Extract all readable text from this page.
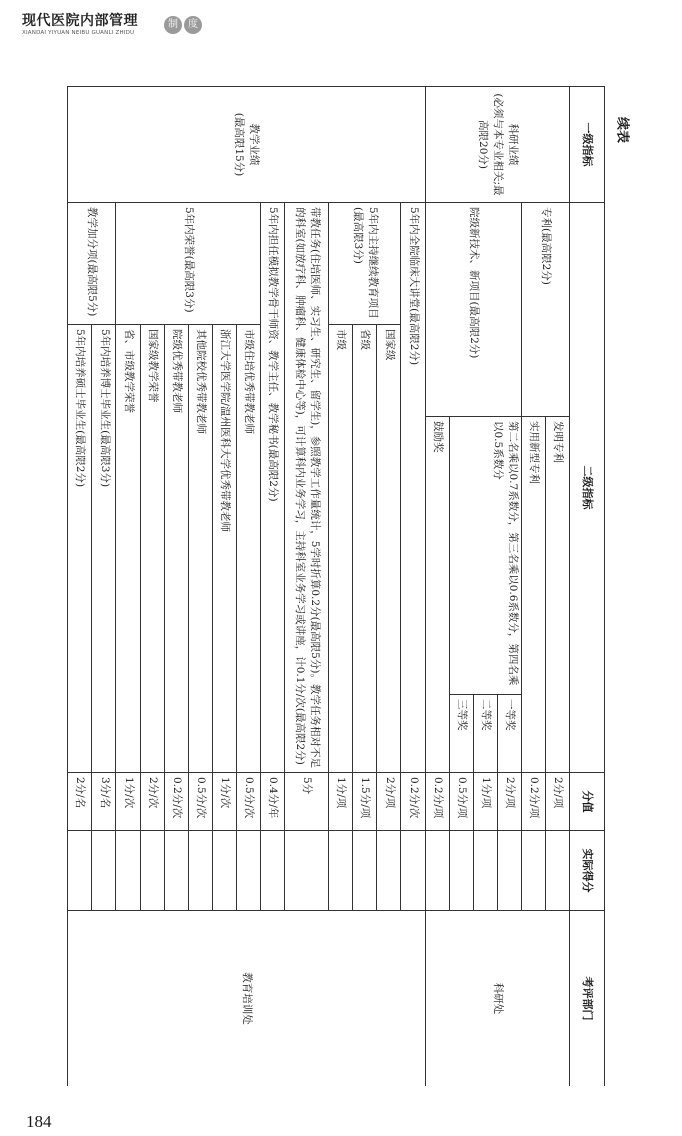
现代医院内部管理
XIANDAI YIYUAN NEIBU GUANLI ZHIDU
制	度
续表
184
一级指标	二级指标				分值	实际得分	考评部门
科研业绩
(必须与本专业相关;最高限20分)	专利(最高限2分)		发明专利		2分/项		科研处
			实用新型专利		0.2分/项		
	院级新技术、新项目(最高限2分)		第二名乘以0.7系数分，第三名乘以0.6系数分，第四名乘以0.5系数分	一等奖	2分/项		
				二等奖	1分/项		
				三等奖	0.5分/项		
			鼓励奖		0.2分/项		
教学业绩
(最高限15分)	5年内全院临床大讲堂(最高限2分)				0.2分/次		教育培训处
	5年内主持继续教育项目(最高限3分)	国家级			2分/项		
		省级			1.5分/项		
		市级			1分/项		
	带教任务(住培医师、实习生、研究生、留学生)，参照教学工作量统计，5学时折算0.2分(最高限5分)。教学任务相对不足的科室(如放疗科、肿瘤科、健康体检中心等)，可计算科内业务学习，主持科室业务学习或讲座，计0.1分/次(最高限2分)				5分		
	5年内担任模拟教学骨干师资、教学主任、教学秘书(最高限2分)				0.4分/年		
	5年内荣誉(最高限3分)	市级住培优秀带教老师			0.5分/次		
		浙江大学医学院/温州医科大学优秀带教老师			1分/次		
		其他院校优秀带教老师			0.5分/次		
		院级优秀带教老师			0.2分/次		
		国家级教学荣誉			2分/次		
		省、市级教学荣誉			1分/次		
	教学加分项(最高限5分)	5年内培养博士毕业生(最高限3分)			3分/名		
		5年内培养硕士毕业生(最高限2分)			2分/名		
